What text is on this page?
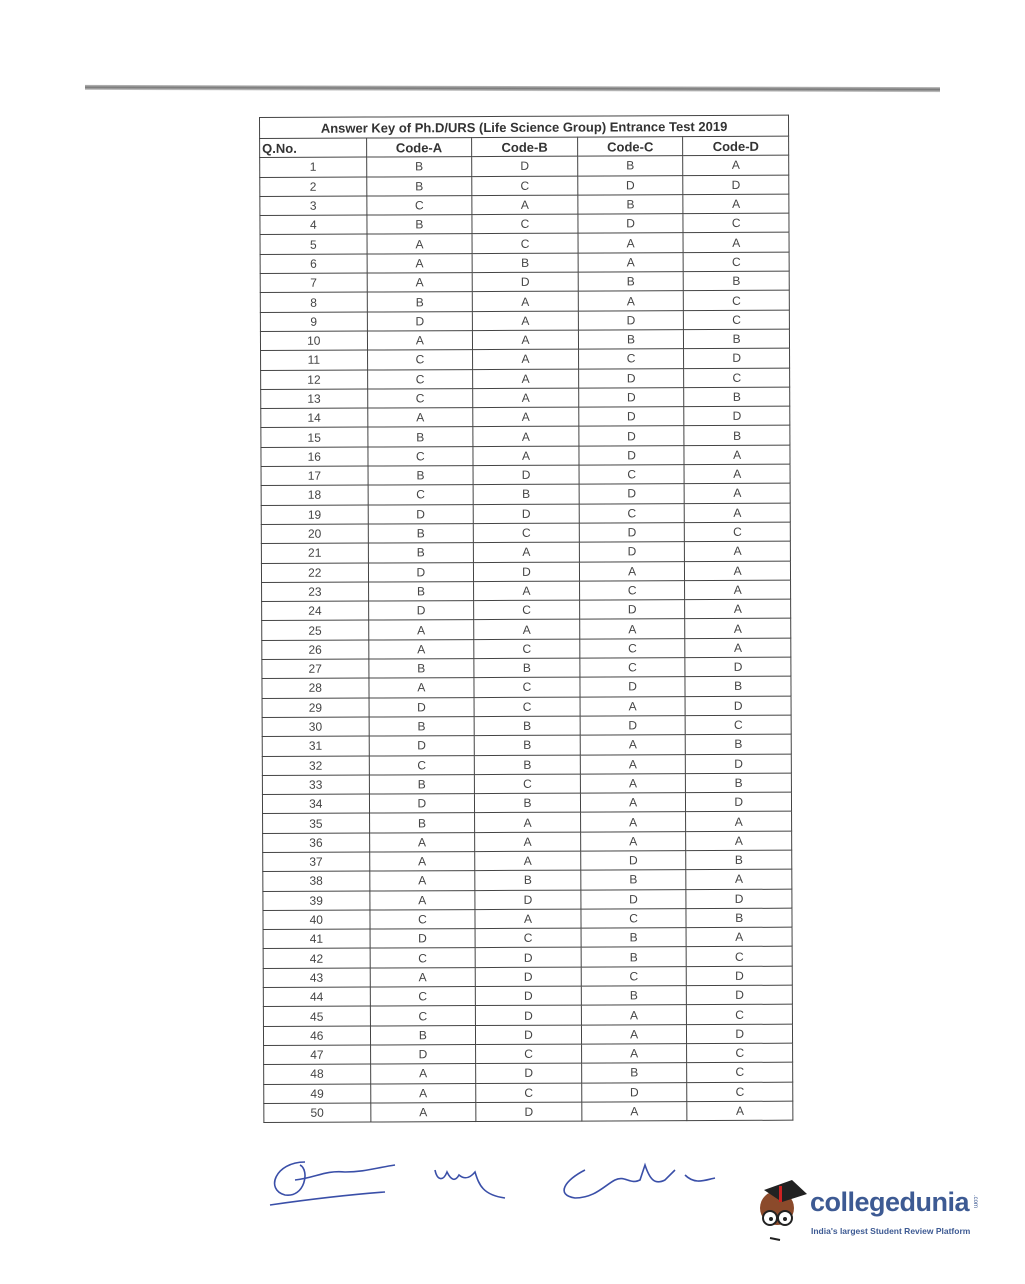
Answer Key of Ph.D/URS (Life Science Group) Entrance Test 2019				
Q.No.	Code-A	Code-B	Code-C	Code-D
1	B	D	B	A
2	B	C	D	D
3	C	A	B	A
4	B	C	D	C
5	A	C	A	A
6	A	B	A	C
7	A	D	B	B
8	B	A	A	C
9	D	A	D	C
10	A	A	B	B
11	C	A	C	D
12	C	A	D	C
13	C	A	D	B
14	A	A	D	D
15	B	A	D	B
16	C	A	D	A
17	B	D	C	A
18	C	B	D	A
19	D	D	C	A
20	B	C	D	C
21	B	A	D	A
22	D	D	A	A
23	B	A	C	A
24	D	C	D	A
25	A	A	A	A
26	A	C	C	A
27	B	B	C	D
28	A	C	D	B
29	D	C	A	D
30	B	B	D	C
31	D	B	A	B
32	C	B	A	D
33	B	C	A	B
34	D	B	A	D
35	B	A	A	A
36	A	A	A	A
37	A	A	D	B
38	A	B	B	A
39	A	D	D	D
40	C	A	C	B
41	D	C	B	A
42	C	D	B	C
43	A	D	C	D
44	C	D	B	D
45	C	D	A	C
46	B	D	A	D
47	D	C	A	C
48	A	D	B	C
49	A	C	D	C
50	A	D	A	A
collegedunia .com
India's largest Student Review Platform
